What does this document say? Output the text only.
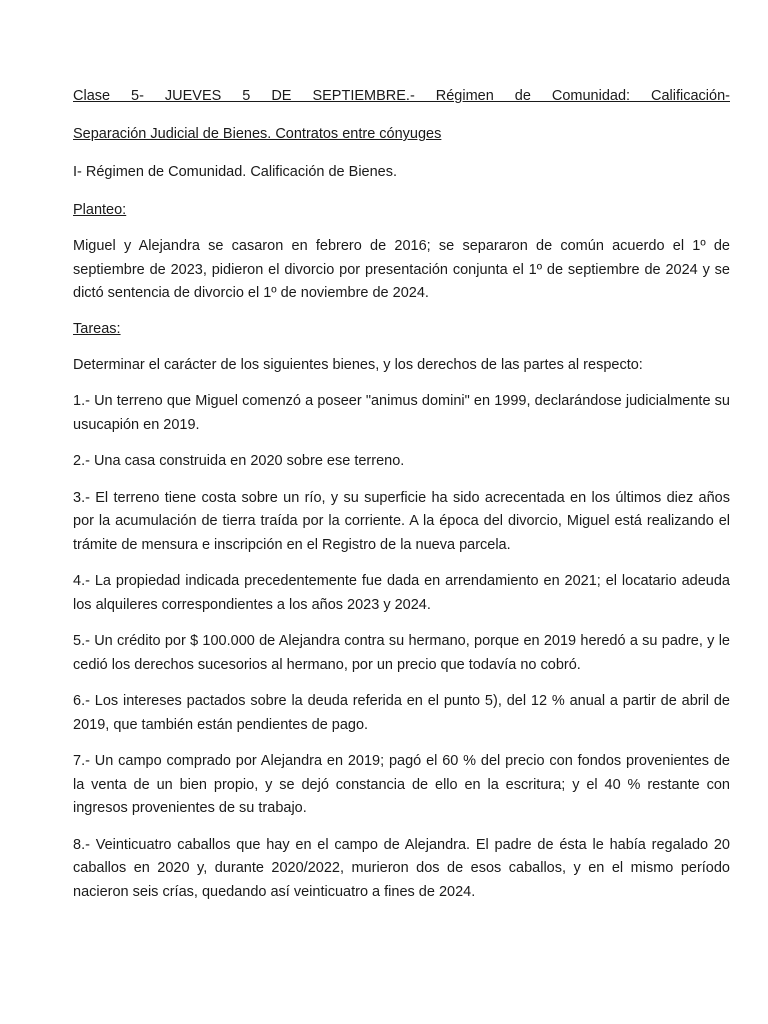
Clase 5- JUEVES 5 DE SEPTIEMBRE.- Régimen de Comunidad: Calificación-

Separación Judicial de Bienes. Contratos entre cónyuges

I- Régimen de Comunidad. Calificación de Bienes.

Planteo:

Miguel y Alejandra se casaron en febrero de 2016; se separaron de común acuerdo el 1º de septiembre de 2023, pidieron el divorcio por presentación conjunta el 1º de septiembre de 2024 y se dictó sentencia de divorcio el 1º de noviembre de 2024.

Tareas:

Determinar el carácter de los siguientes bienes, y los derechos de las partes al respecto:

1.- Un terreno que Miguel comenzó a poseer "animus domini" en 1999, declarándose judicialmente su usucapión en 2019.

2.- Una casa construida en 2020 sobre ese terreno.

3.- El terreno tiene costa sobre un río, y su superficie ha sido acrecentada en los últimos diez años por la acumulación de tierra traída por la corriente. A la época del divorcio, Miguel está realizando el trámite de mensura e inscripción en el Registro de la nueva parcela.

4.- La propiedad indicada precedentemente fue dada en arrendamiento en 2021; el locatario adeuda los alquileres correspondientes a los años 2023 y 2024.

5.- Un crédito por $ 100.000 de Alejandra contra su hermano, porque en 2019 heredó a su padre, y le cedió los derechos sucesorios al hermano, por un precio que todavía no cobró.

6.- Los intereses pactados sobre la deuda referida en el punto 5), del 12 % anual a partir de abril de 2019, que también están pendientes de pago.

7.- Un campo comprado por Alejandra en 2019; pagó el 60 % del precio con fondos provenientes de la venta de un bien propio, y se dejó constancia de ello en la escritura; y el 40 % restante con ingresos provenientes de su trabajo.

8.- Veinticuatro caballos que hay en el campo de Alejandra. El padre de ésta le había regalado 20 caballos en 2020 y, durante 2020/2022, murieron dos de esos caballos, y en el mismo período nacieron seis crías, quedando así veinticuatro a fines de 2024.
